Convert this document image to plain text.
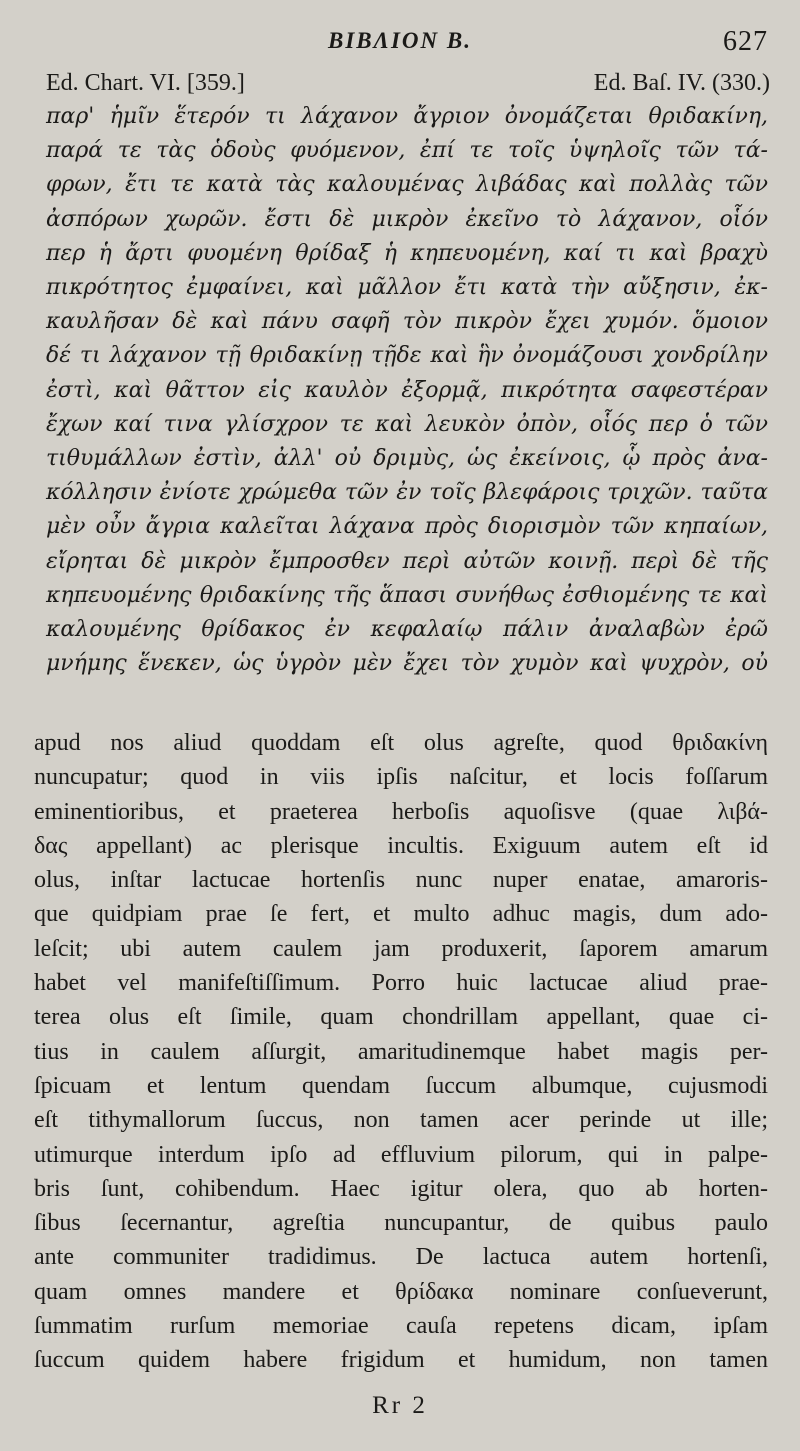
BIBΛΙΟΝ B.	627
Ed. Chart. VI. [359.]	Ed. Baſ. IV. (330.)
παρ' ἡμῖν ἕτερόν τι λάχανον ἄγριον ὀνομάζεται θριδακίνη,
παρά τε τὰς ὁδοὺς φυόμενον, ἐπί τε τοῖς ὑψηλοῖς τῶν τά-
φρων, ἔτι τε κατὰ τὰς καλουμένας λιβάδας καὶ πολλὰς τῶν
ἀσπόρων χωρῶν. ἔστι δὲ μικρὸν ἐκεῖνο τὸ λάχανον, οἷόν
περ ἡ ἄρτι φυομένη θρίδαξ ἡ κηπευομένη, καί τι καὶ βραχὺ
πικρότητος ἐμφαίνει, καὶ μᾶλλον ἔτι κατὰ τὴν αὔξησιν, ἐκ-
καυλῆσαν δὲ καὶ πάνυ σαφῆ τὸν πικρὸν ἔχει χυμόν. ὅμοιον
δέ τι λάχανον τῇ θριδακίνῃ τῇδε καὶ ἣν ὀνομάζουσι χονδρίλην
ἐστὶ, καὶ θᾶττον εἰς καυλὸν ἐξορμᾷ, πικρότητα σαφεστέραν
ἔχων καί τινα γλίσχρον τε καὶ λευκὸν ὀπὸν, οἷός περ ὁ τῶν
τιθυμάλλων ἐστὶν, ἀλλ' οὐ δριμὺς, ὡς ἐκείνοις, ᾧ πρὸς ἀνα-
κόλλησιν ἐνίοτε χρώμεθα τῶν ἐν τοῖς βλεφάροις τριχῶν. ταῦτα
μὲν οὖν ἄγρια καλεῖται λάχανα πρὸς διορισμὸν τῶν κηπαίων,
εἴρηται δὲ μικρὸν ἔμπροσθεν περὶ αὐτῶν κοινῇ. περὶ δὲ τῆς
κηπευομένης θριδακίνης τῆς ἅπασι συνήθως ἐσθιομένης τε καὶ
καλουμένης θρίδακος ἐν κεφαλαίῳ πάλιν ἀναλαβὼν ἐρῶ
μνήμης ἕνεκεν, ὡς ὑγρὸν μὲν ἔχει τὸν χυμὸν καὶ ψυχρὸν, οὐ
apud nos aliud quoddam eſt olus agreſte, quod θριδακίνη
nuncupatur; quod in viis ipſis naſcitur, et locis foſſarum
eminentioribus, et praeterea herboſis aquoſisve (quae λιβά-
δας appellant) ac plerisque incultis. Exiguum autem eſt id
olus, inſtar lactucae hortenſis nunc nuper enatae, amaroris-
que quidpiam prae ſe fert, et multo adhuc magis, dum ado-
leſcit; ubi autem caulem jam produxerit, ſaporem amarum
habet vel manifeſtiſſimum. Porro huic lactucae aliud prae-
terea olus eſt ſimile, quam chondrillam appellant, quae ci-
tius in caulem aſſurgit, amaritudinemque habet magis per-
ſpicuam et lentum quendam ſuccum albumque, cujusmodi
eſt tithymallorum ſuccus, non tamen acer perinde ut ille;
utimurque interdum ipſo ad effluvium pilorum, qui in palpe-
bris ſunt, cohibendum. Haec igitur olera, quo ab horten-
ſibus ſecernantur, agreſtia nuncupantur, de quibus paulo
ante communiter tradidimus. De lactuca autem hortenſi,
quam omnes mandere et θρίδακα nominare conſueverunt,
ſummatim rurſum memoriae cauſa repetens dicam, ipſam
ſuccum quidem habere frigidum et humidum, non tamen
Rr 2
